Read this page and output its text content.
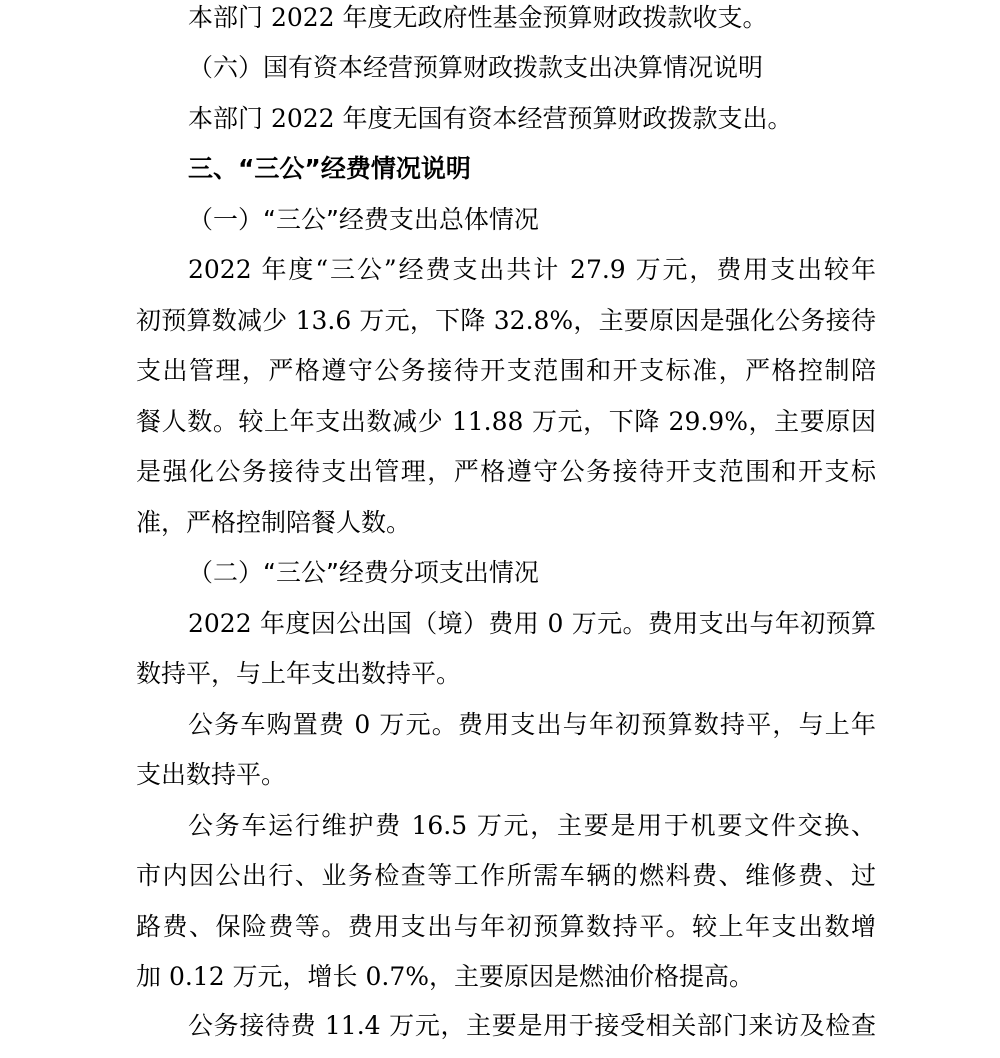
本部门 2022 年度无政府性基金预算财政拨款收支。
（六）国有资本经营预算财政拨款支出决算情况说明
本部门 2022 年度无国有资本经营预算财政拨款支出。
三、“三公”经费情况说明
（一）“三公”经费支出总体情况
2022 年度“三公”经费支出共计 27.9 万元，费用支出较年
初预算数减少 13.6 万元，下降 32.8%，主要原因是强化公务接待
支出管理，严格遵守公务接待开支范围和开支标准，严格控制陪
餐人数。较上年支出数减少 11.88 万元，下降 29.9%，主要原因
是强化公务接待支出管理，严格遵守公务接待开支范围和开支标
准，严格控制陪餐人数。
（二）“三公”经费分项支出情况
2022 年度因公出国（境）费用 0 万元。费用支出与年初预算
数持平，与上年支出数持平。
公务车购置费 0 万元。费用支出与年初预算数持平，与上年
支出数持平。
公务车运行维护费 16.5 万元，主要是用于机要文件交换、
市内因公出行、业务检查等工作所需车辆的燃料费、维修费、过
路费、保险费等。费用支出与年初预算数持平。较上年支出数增
加 0.12 万元，增长 0.7%，主要原因是燃油价格提高。
公务接待费 11.4 万元，主要是用于接受相关部门来访及检查
